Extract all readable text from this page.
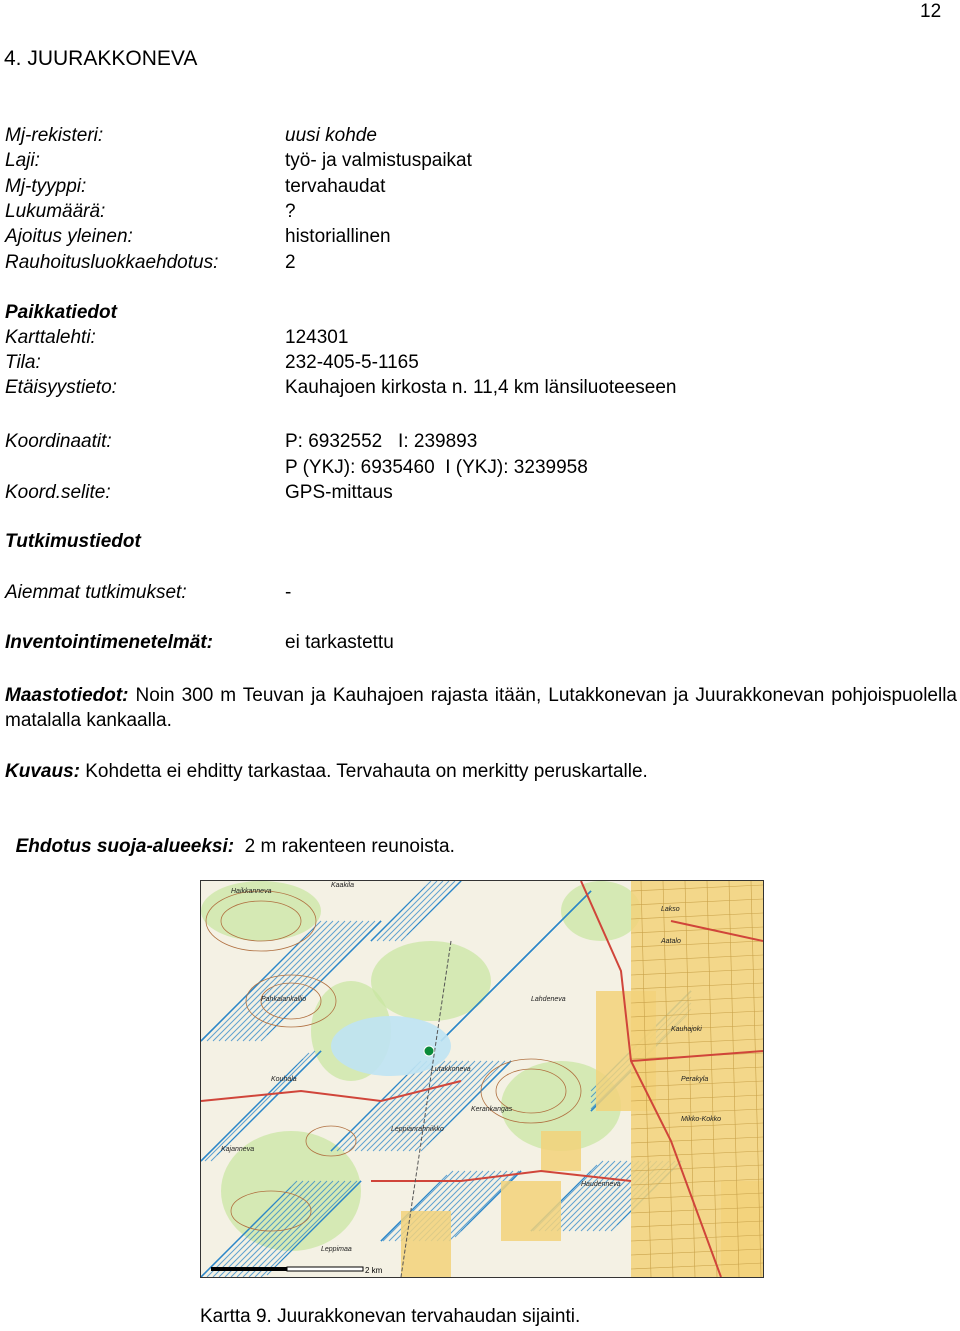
12
4. JUURAKKONEVA
Mj-rekisteri:	uusi kohde
Laji:	työ- ja valmistuspaikat
Mj-tyyppi:	tervahaudat
Lukumäärä:	?
Ajoitus yleinen:	historiallinen
Rauhoitusluokkaehdotus:	2
Paikkatiedot
Karttalehti:	124301
Tila:	232-405-5-1165
Etäisyystieto:	Kauhajoen kirkosta n. 11,4 km länsiluoteeseen
Koordinaatit:	P: 6932552   I: 239893
P (YKJ): 6935460  I (YKJ): 3239958
Koord.selite:	GPS-mittaus
Tutkimustiedot
Aiemmat tutkimukset:	-
Inventointimenetelmät:	ei tarkastettu
Maastotiedot: Noin 300 m Teuvan ja Kauhajoen rajasta itään, Lutakkonevan ja Juurakkonevan pohjoispuolella matalalla kankaalla.
Kuvaus: Kohdetta ei ehditty tarkastaa. Tervahauta on merkitty peruskartalle.

Ehdotus suoja-alueeksi:  2 m rakenteen reunoista.

Haikkanneva
Kaakila
Lakso
Aatalo
Pahkalankallio	Lahdeneva
Kauhajoki
Lutakkoneva
Perakyla
Kouhala
Kerankangas
Leppianranniikko
Kajanneva
Haudenneva
Leppimaa
Mikko-Kokko
2 km
Kartta 9. Juurakkonevan tervahaudan sijainti.
